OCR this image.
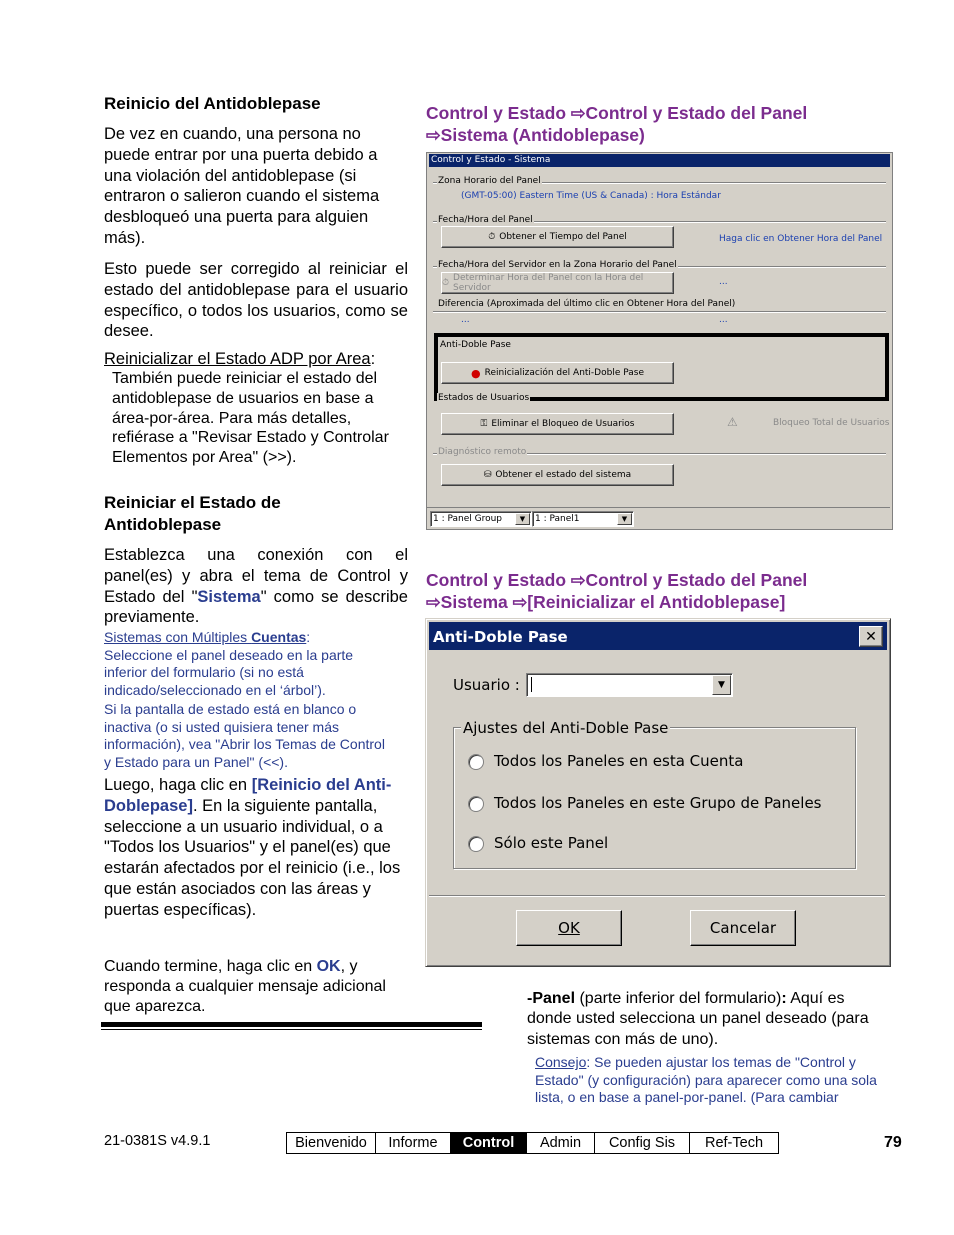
Reinicio del Antidoblepase
De vez en cuando, una persona no puede entrar por una puerta debido a una violación del antidoblepase (si entraron o salieron cuando el sistema desbloqueó una puerta para alguien más).
Esto puede ser corregido al reiniciar el estado del antidoblepase para el usuario específico, o todos los usuarios, como se desee.
Reinicializar el Estado ADP por Area:
También puede reiniciar el estado del antidoblepase de usuarios en base a área-por-área. Para más detalles, refiérase a "Revisar Estado y Controlar Elementos por Area" (>>).
Reiniciar el Estado de Antidoblepase
Establezca una conexión con el panel(es) y abra el tema de Control y Estado del "Sistema" como se describe previamente.
Sistemas con Múltiples Cuentas:
Seleccione el panel deseado en la parte inferior del formulario (si no está indicado/seleccionado en el ‘árbol’).
Si la pantalla de estado está en blanco o inactiva (o si usted quisiera tener más información), vea "Abrir los Temas de Control y Estado para un Panel" (<<).
Luego, haga clic en [Reinicio del Anti-Doblepase]. En la siguiente pantalla, seleccione a un usuario individual, o a "Todos los Usuarios" y el panel(es) que estarán afectados por el reinicio (i.e., los que están asociados con las áreas y puertas específicas).
Cuando termine, haga clic en OK, y responda a cualquier mensaje adicional que aparezca.
Control y Estado ⇨Control y Estado del Panel
⇨Sistema (Antidoblepase)
Control y Estado - Sistema
Zona Horario del Panel
(GMT-05:00) Eastern Time (US & Canada) : Hora Estándar
Fecha/Hora del Panel
⏱ Obtener el Tiempo del Panel	Haga clic en Obtener Hora del Panel
Fecha/Hora del Servidor en la Zona Horario del Panel
⏱ Determinar Hora del Panel con la Hora del Servidor
...
Diferencia (Aproximada del último clic en Obtener Hora del Panel)
...	...
Anti-Doble Pase
● Reinicialización del Anti-Doble Pase
Estados de Usuarios
⚿ Eliminar el Bloqueo de Usuarios	⚠	Bloqueo Total de Usuarios
Diagnóstico remoto
⛁ Obtener el estado del sistema
1 : Panel Group	▼	1 : Panel1	▼
Control y Estado ⇨Control y Estado del Panel
⇨Sistema ⇨[Reinicializar el Antidoblepase]
Anti-Doble Pase	✕
Usuario :	▼
Ajustes del Anti-Doble Pase
Todos los Paneles en esta Cuenta
Todos los Paneles en este Grupo de Paneles
Sólo este Panel
OK	Cancelar
-Panel (parte inferior del formulario): Aquí es donde usted selecciona un panel deseado (para sistemas con más de uno).
Consejo: Se pueden ajustar los temas de "Control y Estado" (y configuración) para aparecer como una sola lista, o en base a panel-por-panel. (Para cambiar
21-0381S v4.9.1	Bienvenido	Informe	Control	Admin	Config Sis	Ref-Tech	79
